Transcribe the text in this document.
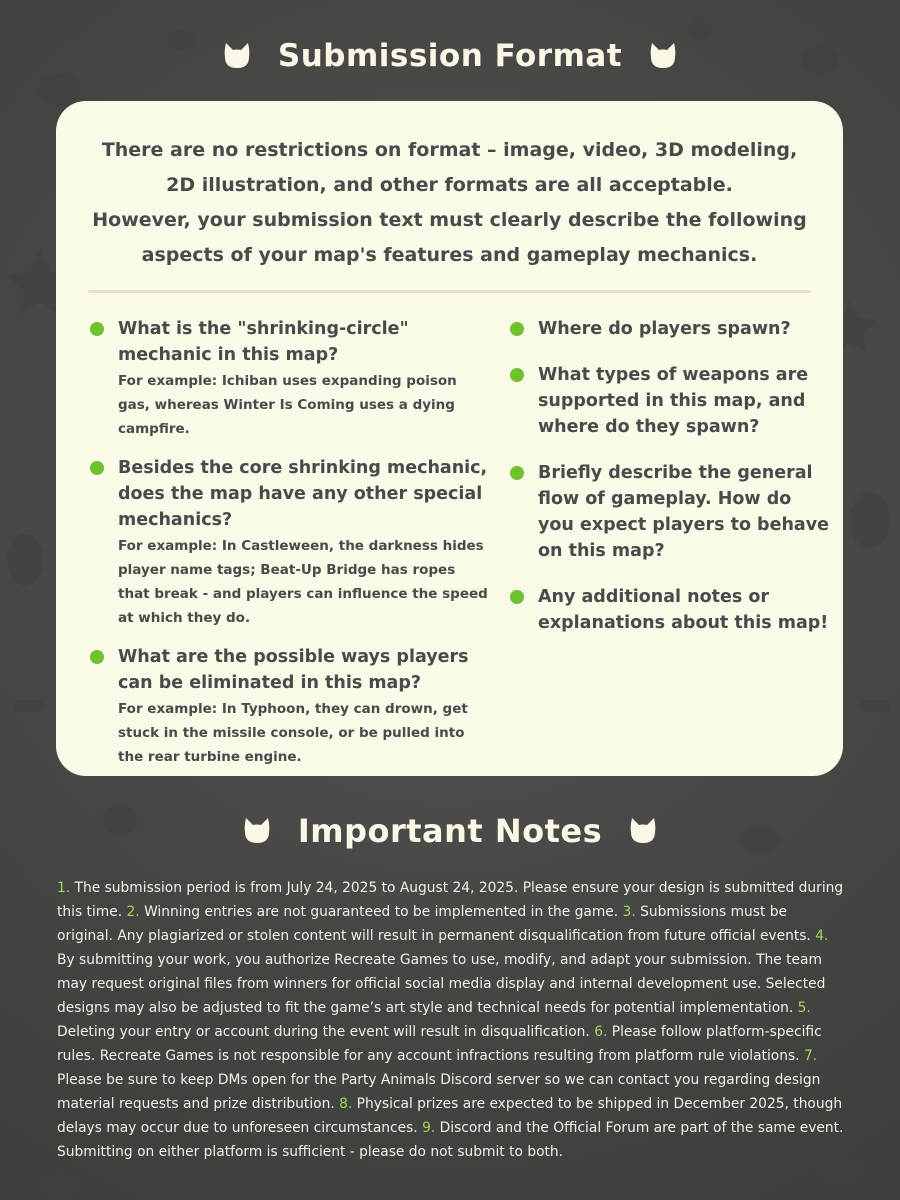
Submission Format
There are no restrictions on format – image, video, 3D modeling,
2D illustration, and other formats are all acceptable.
However, your submission text must clearly describe the following
aspects of your map's features and gameplay mechanics.
What is the "shrinking-circle" mechanic in this map?
For example: Ichiban uses expanding poison gas, whereas Winter Is Coming uses a dying campfire.
Besides the core shrinking mechanic, does the map have any other special mechanics?
For example: In Castleween, the darkness hides player name tags; Beat-Up Bridge has ropes that break - and players can influence the speed at which they do.
What are the possible ways players can be eliminated in this map?
For example: In Typhoon, they can drown, get stuck in the missile console, or be pulled into the rear turbine engine.
Where do players spawn?
What types of weapons are supported in this map, and where do they spawn?
Briefly describe the general flow of gameplay. How do you expect players to behave on this map?
Any additional notes or explanations about this map!
Important Notes
1. The submission period is from July 24, 2025 to August 24, 2025. Please ensure your design is submitted during this time. 2. Winning entries are not guaranteed to be implemented in the game. 3. Submissions must be original. Any plagiarized or stolen content will result in permanent disqualification from future official events. 4. By submitting your work, you authorize Recreate Games to use, modify, and adapt your submission. The team may request original files from winners for official social media display and internal development use. Selected designs may also be adjusted to fit the game’s art style and technical needs for potential implementation. 5. Deleting your entry or account during the event will result in disqualification. 6. Please follow platform-specific rules. Recreate Games is not responsible for any account infractions resulting from platform rule violations. 7. Please be sure to keep DMs open for the Party Animals Discord server so we can contact you regarding design material requests and prize distribution. 8. Physical prizes are expected to be shipped in December 2025, though delays may occur due to unforeseen circumstances. 9. Discord and the Official Forum are part of the same event. Submitting on either platform is sufficient - please do not submit to both.
